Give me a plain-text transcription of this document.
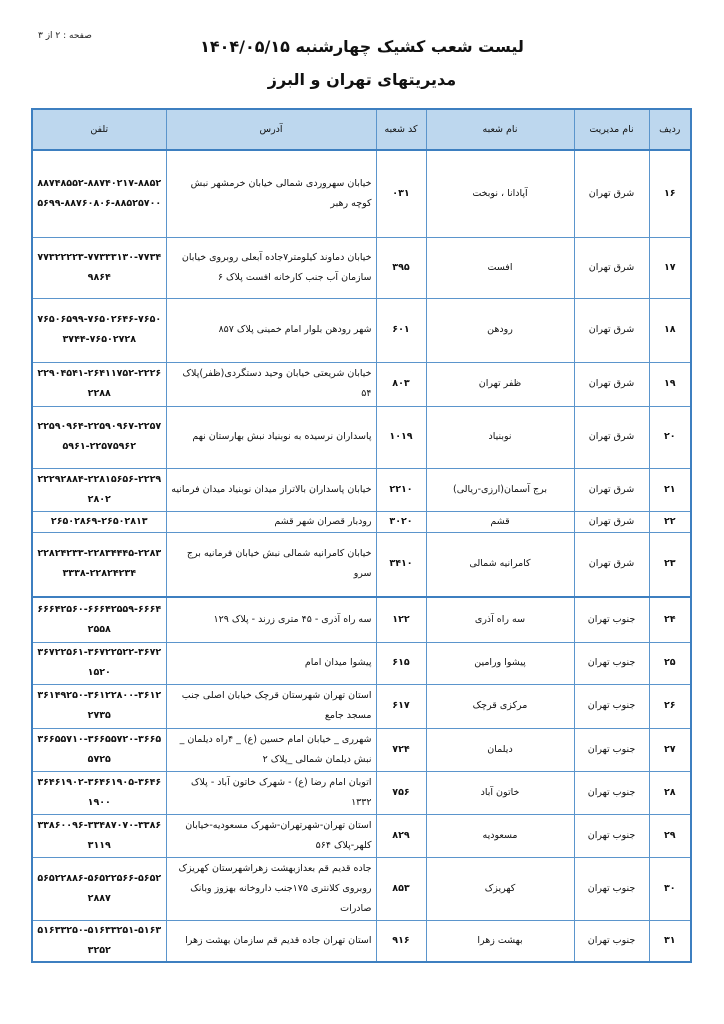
صفحه : ۲ از ۳
لیست شعب کشیک چهارشنبه ۱۴۰۴/۰۵/۱۵
مدیریتهای تهران و البرز
ردیف	نام مدیریت	نام شعبه	کد شعبه	آدرس	تلفن
۱۶	شرق تهران	آپادانا ، نوبخت	۰۳۱	خیابان سهروردی شمالی خیابان خرمشهر نبش کوچه رهبر	۸۸۷۴۸۵۵۲-۸۸۷۴۰۲۱۷-۸۸۵۲۵۶۹۹-۸۸۷۶۰۸۰۶-۸۸۵۲۵۷۰۰
۱۷	شرق تهران	افست	۳۹۵	خیابان دماوند کیلومتر۷جاده آبعلی روبروی خیابان سازمان آب جنب کارخانه افست پلاک ۶	۷۷۳۲۲۲۲۳-۷۷۳۳۳۱۳۰-۷۷۳۴۹۸۶۴
۱۸	شرق تهران	رودهن	۶۰۱	شهر رودهن بلوار امام خمینی پلاک ۸۵۷	۷۶۵۰۶۵۹۹-۷۶۵۰۲۶۴۶-۷۶۵۰۳۷۴۴-۷۶۵۰۲۷۲۸
۱۹	شرق تهران	ظفر تهران	۸۰۳	خیابان شریعتی خیابان وحید دستگردی(ظفر)پلاک ۵۴	۲۲۹۰۴۵۴۱-۲۶۴۱۱۷۵۲-۲۲۲۶۲۲۸۸
۲۰	شرق تهران	نوبنیاد	۱۰۱۹	پاسداران نرسیده به نوبنیاد نبش بهارستان نهم	۲۲۵۹۰۹۶۴-۲۲۵۹۰۹۶۷-۲۲۵۷۵۹۶۱-۲۲۵۷۵۹۶۲
۲۱	شرق تهران	برج آسمان(ارزی-ریالی)	۲۲۱۰	خیابان پاسداران بالاتراز میدان نوبنیاد میدان فرمانیه	۲۲۲۹۲۸۸۴-۲۲۸۱۵۶۵۶-۲۲۲۹۲۸۰۲
۲۲	شرق تهران	قشم	۳۰۲۰	رودبار قصران شهر قشم	۲۶۵۰۲۸۶۹-۲۶۵۰۲۸۱۳
۲۳	شرق تهران	کامرانیه شمالی	۳۴۱۰	خیابان کامرانیه شمالی نبش خیابان فرمانیه برج سرو	۲۲۸۲۴۲۳۳-۲۲۸۳۴۴۴۵-۲۲۸۳۳۳۳۸-۲۲۸۲۴۲۳۴
۲۴	جنوب تهران	سه راه آذری	۱۲۲	سه راه آذری - ۴۵ متری زرند - پلاک ۱۲۹	۶۶۶۴۲۵۶۰-۶۶۶۴۲۵۵۹-۶۶۶۴۲۵۵۸
۲۵	جنوب تهران	پیشوا ورامین	۶۱۵	پیشوا میدان امام	۳۶۷۲۲۵۶۱-۳۶۷۲۲۵۲۲-۳۶۷۲۱۵۲۰
۲۶	جنوب تهران	مرکزی قرچک	۶۱۷	استان تهران شهرستان قرچک خیابان اصلی جنب مسجد جامع	۳۶۱۴۹۲۵۰-۳۶۱۲۲۸۰۰-۳۶۱۲۲۷۳۵
۲۷	جنوب تهران	دیلمان	۷۲۴	شهرری _ خیابان امام حسین (ع) _ ۴راه دیلمان _ نبش دیلمان شمالی _پلاک ۲	۳۶۶۵۵۷۱۰-۳۶۶۵۵۷۲۰-۳۶۶۵۵۷۲۵
۲۸	جنوب تهران	خاتون آباد	۷۵۶	اتوبان امام رضا (ع) - شهرک خاتون آباد - پلاک ۱۳۳۲	۳۶۴۶۱۹۰۲-۳۶۴۶۱۹۰۵-۳۶۴۶۱۹۰۰
۲۹	جنوب تهران	مسعودیه	۸۲۹	استان تهران-شهرتهران-شهرک مسعودیه-خیابان کلهر-پلاک ۵۶۴	۳۳۸۶۰۰۹۶-۳۳۴۸۷۰۷۰-۳۳۸۶۳۱۱۹
۳۰	جنوب تهران	کهریزک	۸۵۳	جاده قدیم قم بعدازبهشت زهراشهرستان کهریزک روبروی کلانتری ۱۷۵جنب داروخانه بهزوز وبانک صادرات	۵۶۵۲۲۸۸۶-۵۶۵۲۲۵۶۶-۵۶۵۲۲۸۸۷
۳۱	جنوب تهران	بهشت زهرا	۹۱۶	استان تهران جاده قدیم قم سازمان بهشت زهرا	۵۱۶۳۳۲۵۰-۵۱۶۳۳۲۵۱-۵۱۶۳۳۲۵۲
